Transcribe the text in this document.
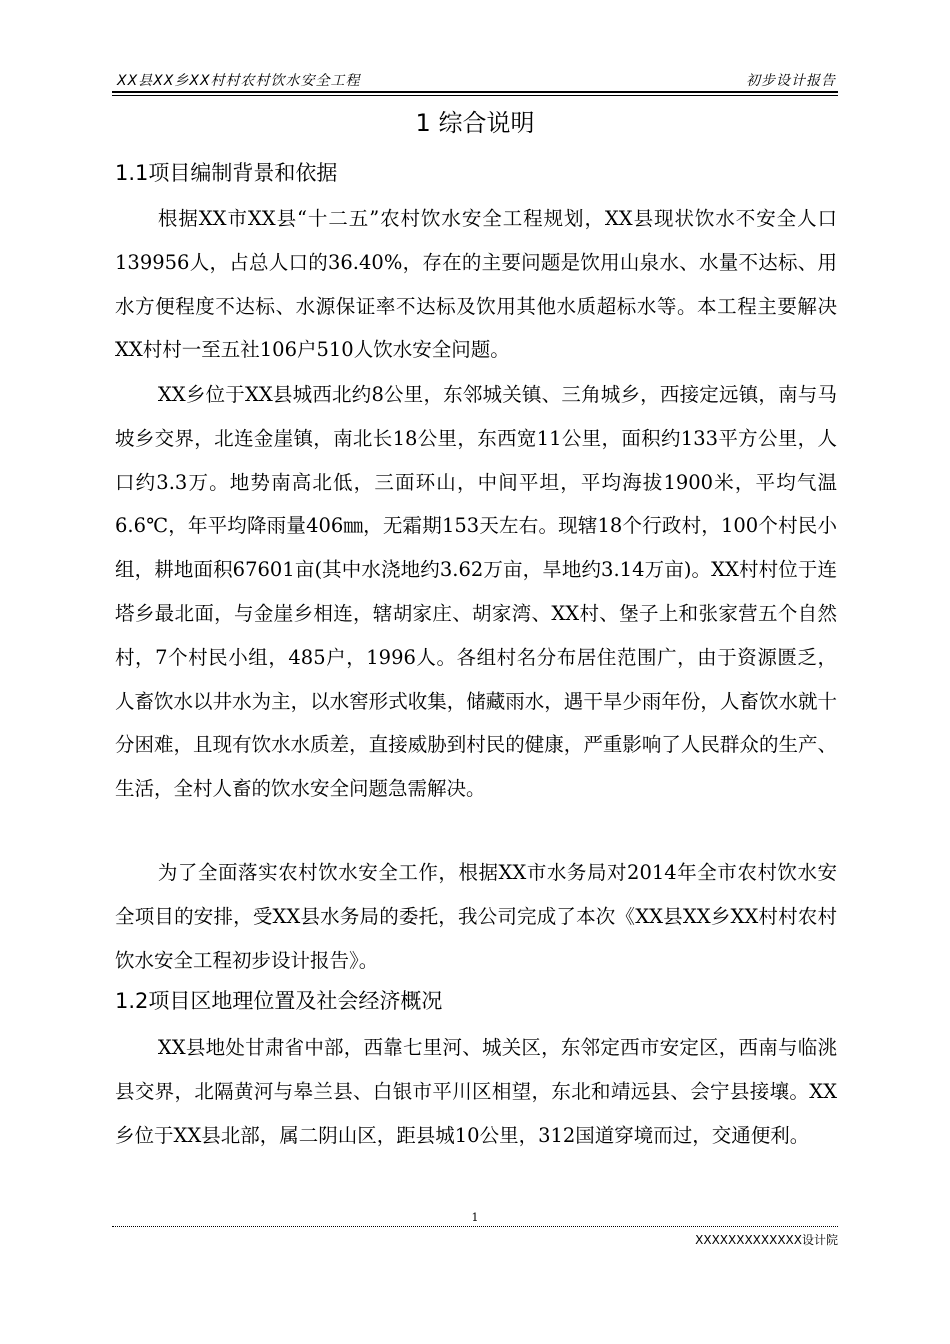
XX县XX乡XX村村农村饮水安全工程	初步设计报告
1 综合说明
1.1项目编制背景和依据
根据XX市XX县“十二五”农村饮水安全工程规划，XX县现状饮水不安全人口139956人，占总人口的36.40%，存在的主要问题是饮用山泉水、水量不达标、用水方便程度不达标、水源保证率不达标及饮用其他水质超标水等。本工程主要解决XX村村一至五社106户510人饮水安全问题。
XX乡位于XX县城西北约8公里，东邻城关镇、三角城乡，西接定远镇，南与马坡乡交界，北连金崖镇，南北长18公里，东西宽11公里，面积约133平方公里，人口约3.3万。地势南高北低，三面环山，中间平坦，平均海拔1900米，平均气温6.6℃，年平均降雨量406㎜，无霜期153天左右。现辖18个行政村，100个村民小组，耕地面积67601亩(其中水浇地约3.62万亩，旱地约3.14万亩)。XX村村位于连塔乡最北面，与金崖乡相连，辖胡家庄、胡家湾、XX村、堡子上和张家营五个自然村，7个村民小组，485户，1996人。各组村名分布居住范围广，由于资源匮乏，人畜饮水以井水为主，以水窖形式收集，储藏雨水，遇干旱少雨年份，人畜饮水就十分困难，且现有饮水水质差，直接威胁到村民的健康，严重影响了人民群众的生产、生活，全村人畜的饮水安全问题急需解决。
为了全面落实农村饮水安全工作，根据XX市水务局对2014年全市农村饮水安全项目的安排，受XX县水务局的委托，我公司完成了本次《XX县XX乡XX村村农村饮水安全工程初步设计报告》。
1.2项目区地理位置及社会经济概况
XX县地处甘肃省中部，西靠七里河、城关区，东邻定西市安定区，西南与临洮县交界，北隔黄河与皋兰县、白银市平川区相望，东北和靖远县、会宁县接壤。XX乡位于XX县北部，属二阴山区，距县城10公里，312国道穿境而过，交通便利。
1
XXXXXXXXXXXXX设计院
